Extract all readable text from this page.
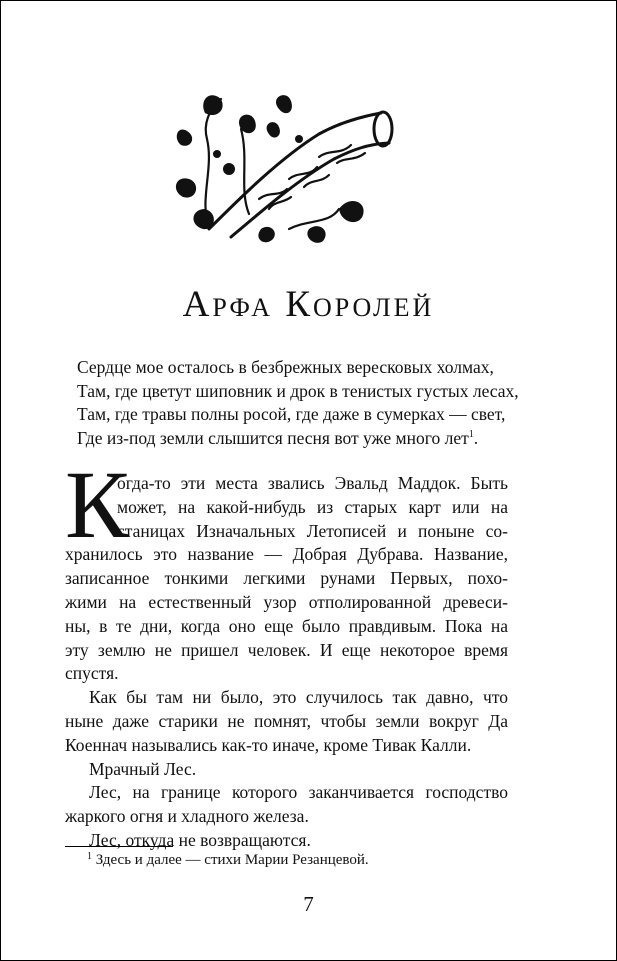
Арфа Королей
Сердце мое осталось в безбрежных вересковых холмах,
Там, где цветут шиповник и дрок в тенистых густых лесах,
Там, где травы полны росой, где даже в сумерках — свет,
Где из-под земли слышится песня вот уже много лет$^1$.
К
огда-то эти места звались Эвальд Маддок. Быть
может, на какой-нибудь из старых карт или на
станицах Изначальных Летописей и поныне со-
хранилось это название — Добрая Дубрава. Название,
записанное тонкими легкими рунами Первых, похо-
жими на естественный узор отполированной древеси-
ны, в те дни, когда оно еще было правдивым. Пока на
эту землю не пришел человек. И еще некоторое время
спустя.
Как бы там ни было, это случилось так давно, что
ныне даже старики не помнят, чтобы земли вокруг Да
Коеннач назывались как-то иначе, кроме Тивак Калли.
Мрачный Лес.
Лес, на границе которого заканчивается господство
жаркого огня и хладного железа.
Лес, откуда не возвращаются.
$^1$ Здесь и далее — стихи Марии Резанцевой.
7
